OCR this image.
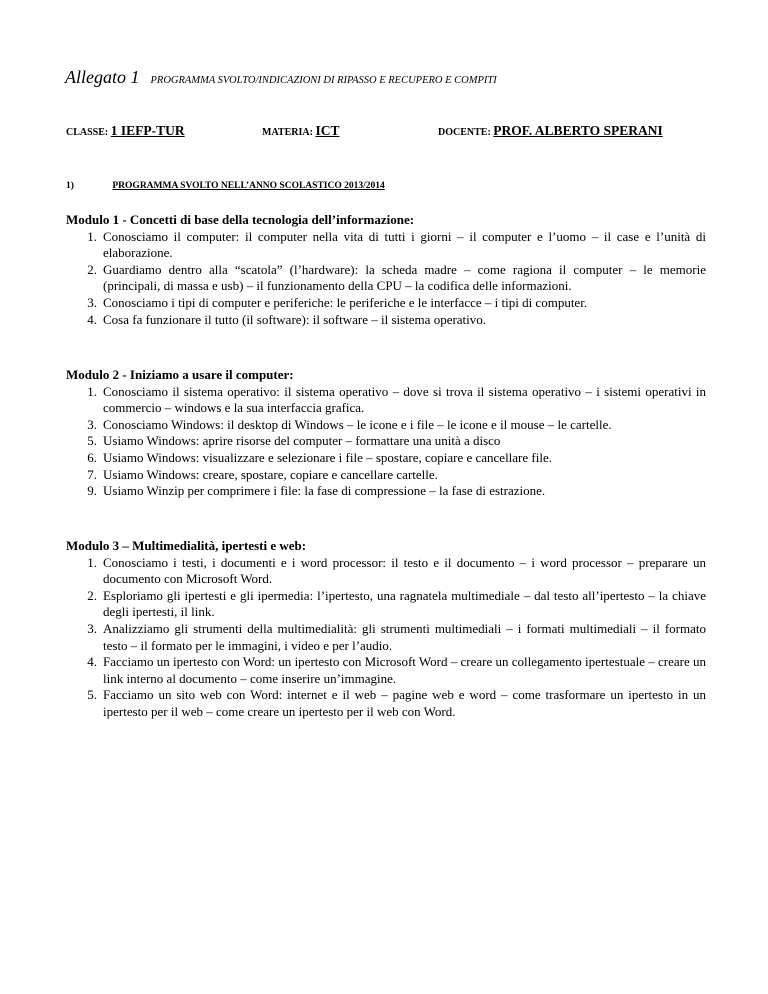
Allegato 1 PROGRAMMA SVOLTO/INDICAZIONI DI RIPASSO E RECUPERO E COMPITI
CLASSE: 1 IEFP-TUR	MATERIA: ICT	DOCENTE: PROF. ALBERTO SPERANI
1)	PROGRAMMA SVOLTO NELL’ANNO SCOLASTICO 2013/2014

Modulo 1 - Concetti di base della tecnologia dell’informazione:

1. Conosciamo il computer: il computer nella vita di tutti i giorni – il computer e l’uomo – il case e l’unità di elaborazione.
2. Guardiamo dentro alla “scatola” (l’hardware): la scheda madre – come ragiona il computer – le memorie (principali, di massa e usb) – il funzionamento della CPU – la codifica delle informazioni.
3. Conosciamo i tipi di computer e periferiche: le periferiche e le interfacce – i tipi di computer.
4. Cosa fa funzionare il tutto (il software): il software – il sistema operativo.

Modulo 2 - Iniziamo a usare il computer:

1. Conosciamo il sistema operativo: il sistema operativo – dove si trova il sistema operativo – i sistemi operativi in commercio – windows e la sua interfaccia grafica.
3. Conosciamo Windows: il desktop di Windows – le icone e i file – le icone e il mouse – le cartelle.
5. Usiamo Windows: aprire risorse del computer – formattare una unità a disco
6. Usiamo Windows: visualizzare e selezionare i file – spostare, copiare e cancellare file.
7. Usiamo Windows: creare, spostare, copiare e cancellare cartelle.
9. Usiamo Winzip per comprimere i file: la fase di compressione – la fase di estrazione.

Modulo 3 – Multimedialità, ipertesti e web:

1. Conosciamo i testi, i documenti e i word processor: il testo e il documento – i word processor – preparare un documento con Microsoft Word.
2. Esploriamo gli ipertesti e gli ipermedia: l’ipertesto, una ragnatela multimediale – dal testo all’ipertesto – la chiave degli ipertesti, il link.
3. Analizziamo gli strumenti della multimedialità: gli strumenti multimediali – i formati multimediali – il formato testo – il formato per le immagini, i video e per l’audio.
4. Facciamo un ipertesto con Word: un ipertesto con Microsoft Word – creare un collegamento ipertestuale – creare un link interno al documento – come inserire un’immagine.
5. Facciamo un sito web con Word: internet e il web – pagine web e word – come trasformare un ipertesto in un ipertesto per il web – come creare un ipertesto per il web con Word.
